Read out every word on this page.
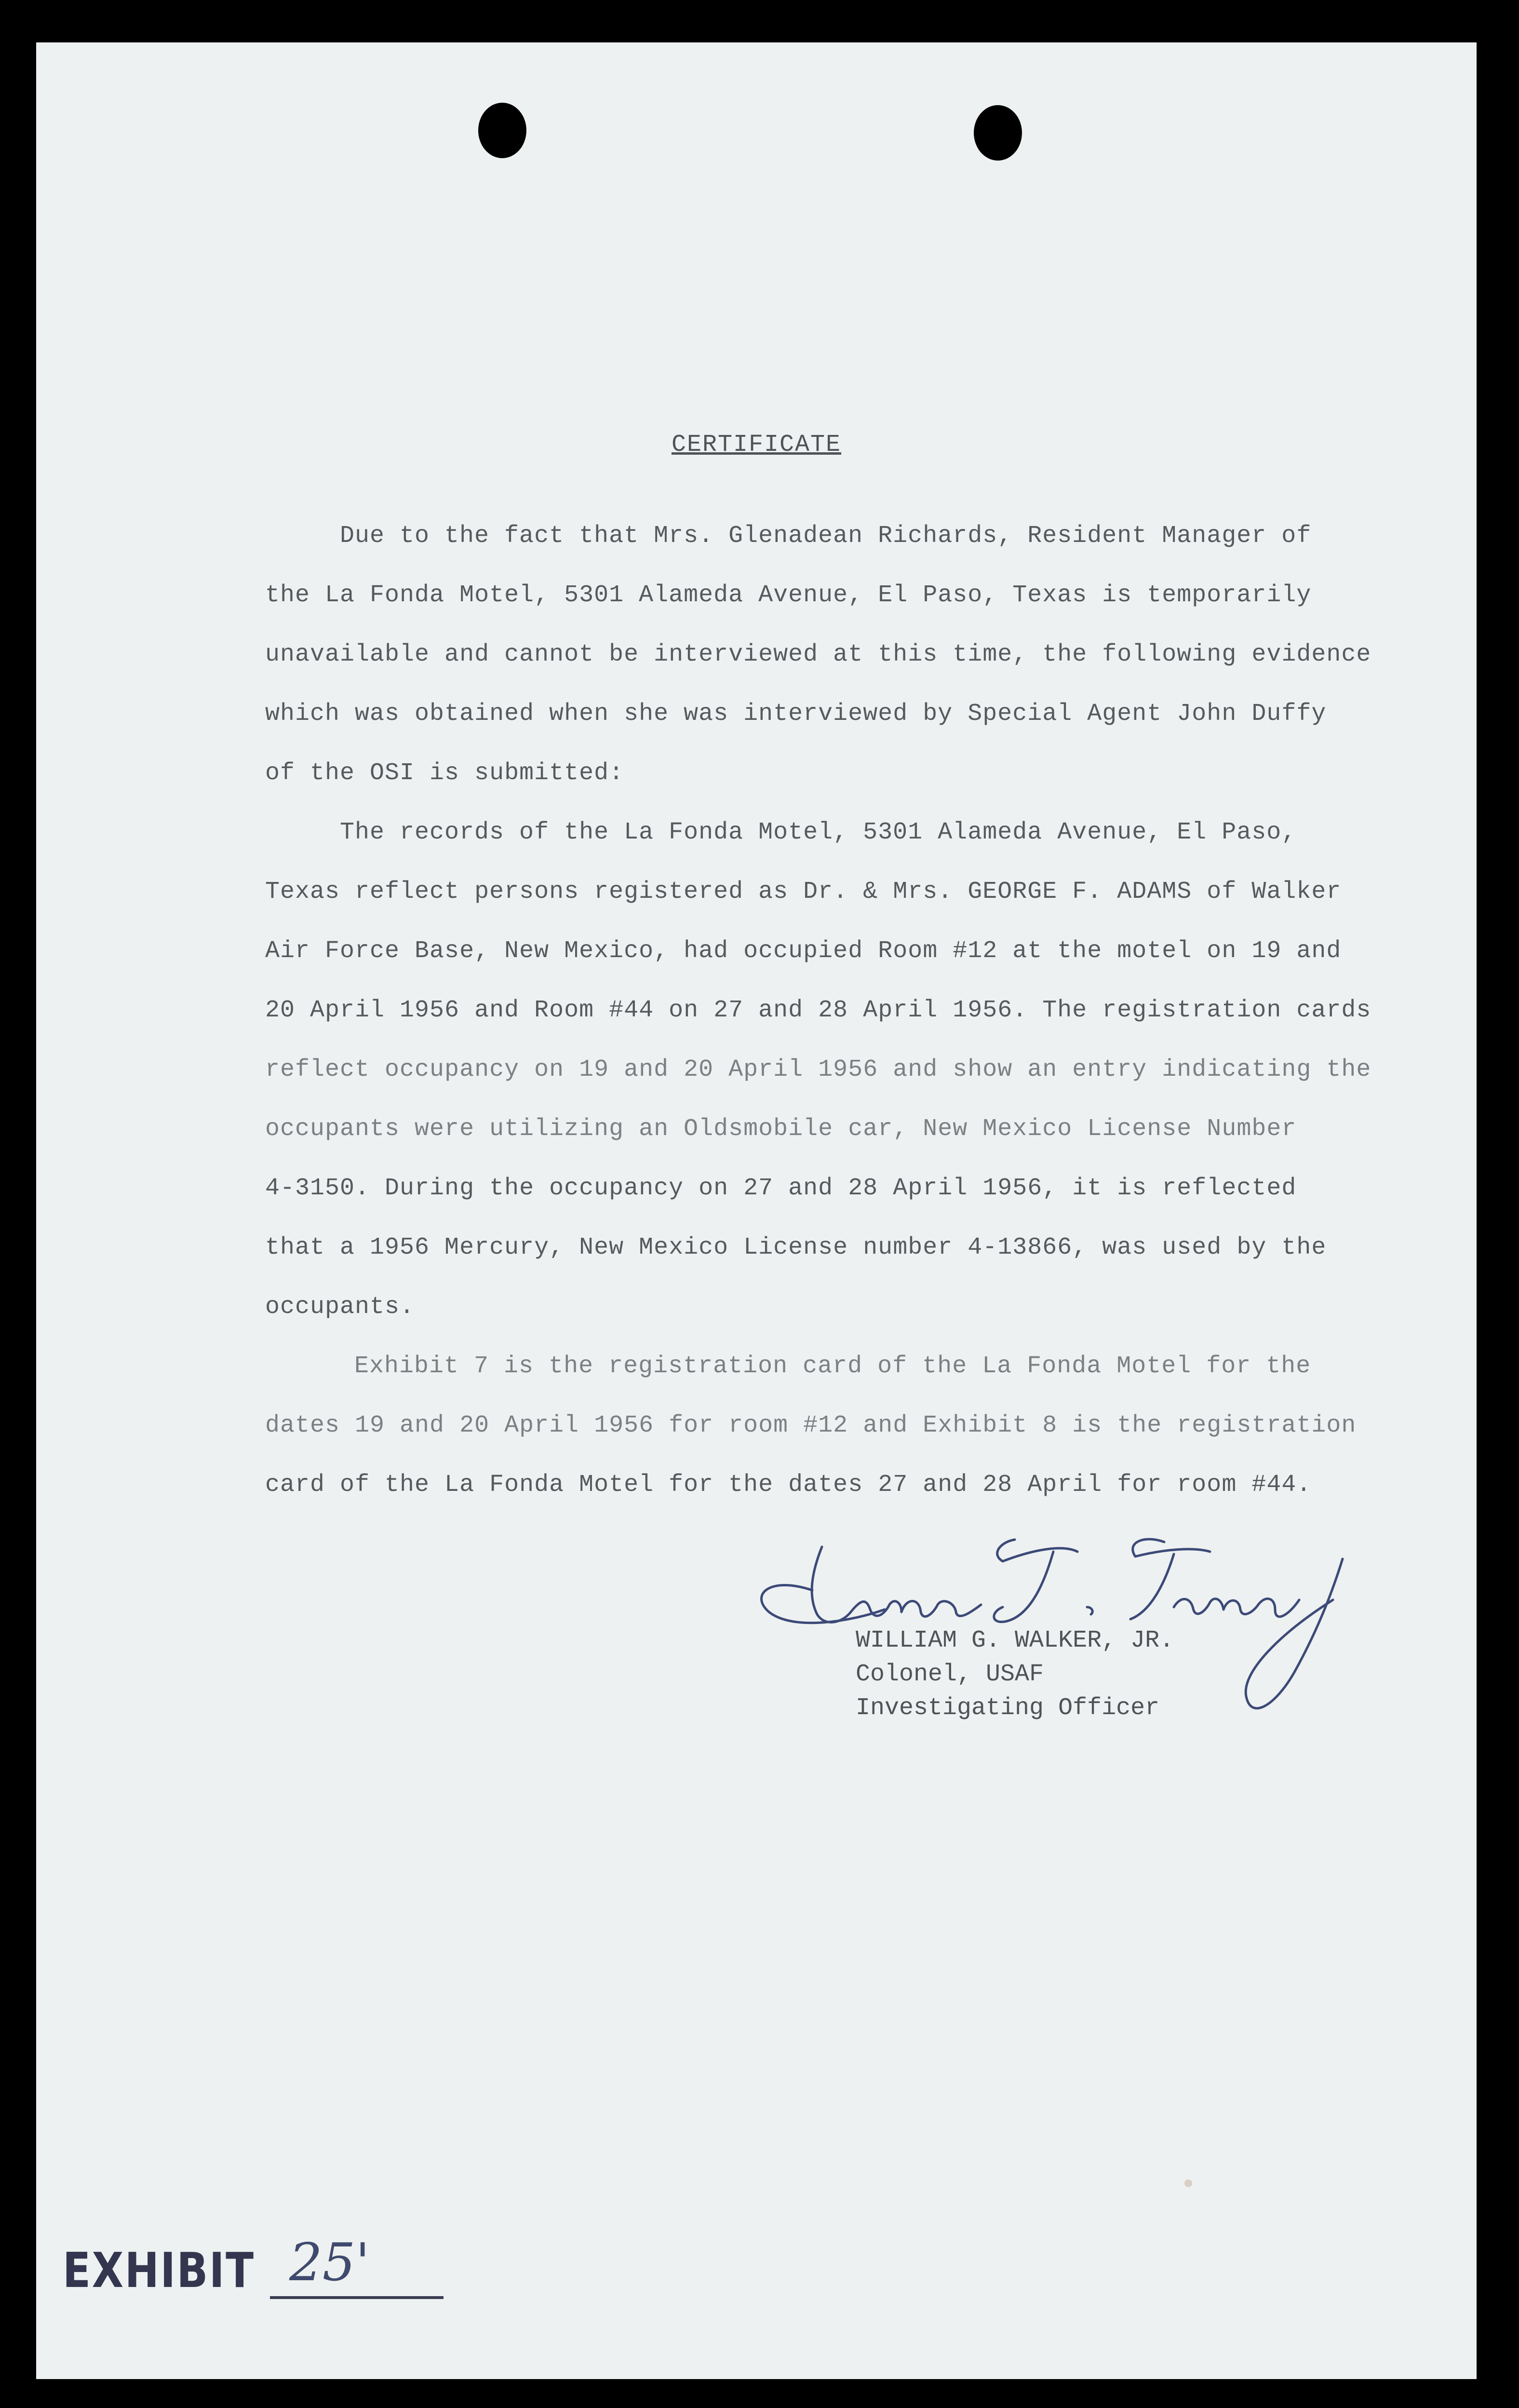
CERTIFICATE
Due to the fact that Mrs. Glenadean Richards, Resident Manager of
the La Fonda Motel, 5301 Alameda Avenue, El Paso, Texas is temporarily
unavailable and cannot be interviewed at this time, the following evidence
which was obtained when she was interviewed by Special Agent John Duffy
of the OSI is submitted:
The records of the La Fonda Motel, 5301 Alameda Avenue, El Paso,
Texas reflect persons registered as Dr. & Mrs. GEORGE F. ADAMS of Walker
Air Force Base, New Mexico, had occupied Room #12 at the motel on 19 and
20 April 1956 and Room #44 on 27 and 28 April 1956. The registration cards
reflect occupancy on 19 and 20 April 1956 and show an entry indicating the
occupants were utilizing an Oldsmobile car, New Mexico License Number
4-3150. During the occupancy on 27 and 28 April 1956, it is reflected
that a 1956 Mercury, New Mexico License number 4-13866, was used by the
occupants.
Exhibit 7 is the registration card of the La Fonda Motel for the
dates 19 and 20 April 1956 for room #12 and Exhibit 8 is the registration
card of the La Fonda Motel for the dates 27 and 28 April for room #44.
WILLIAM G. WALKER, JR.
Colonel, USAF
Investigating Officer
EXHIBIT 25'
